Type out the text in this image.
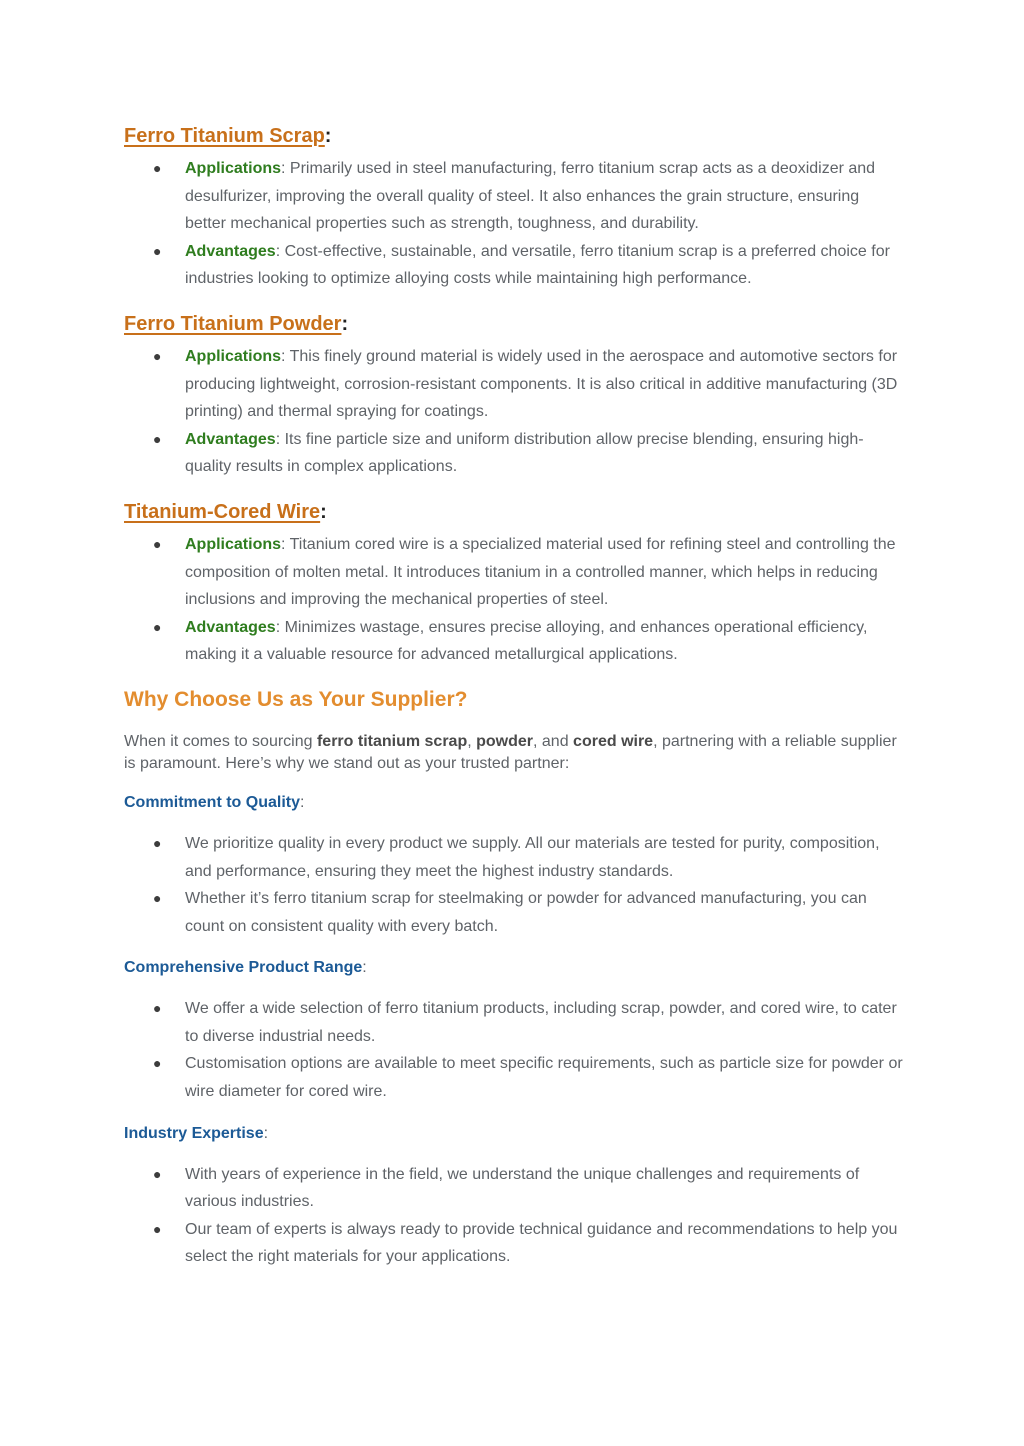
Ferro Titanium Scrap:
● Applications: Primarily used in steel manufacturing, ferro titanium scrap acts as a deoxidizer and desulfurizer, improving the overall quality of steel. It also enhances the grain structure, ensuring better mechanical properties such as strength, toughness, and durability.
● Advantages: Cost-effective, sustainable, and versatile, ferro titanium scrap is a preferred choice for industries looking to optimize alloying costs while maintaining high performance.
Ferro Titanium Powder:
● Applications: This finely ground material is widely used in the aerospace and automotive sectors for producing lightweight, corrosion-resistant components. It is also critical in additive manufacturing (3D printing) and thermal spraying for coatings.
● Advantages: Its fine particle size and uniform distribution allow precise blending, ensuring high-quality results in complex applications.
Titanium-Cored Wire:
● Applications: Titanium cored wire is a specialized material used for refining steel and controlling the composition of molten metal. It introduces titanium in a controlled manner, which helps in reducing inclusions and improving the mechanical properties of steel.
● Advantages: Minimizes wastage, ensures precise alloying, and enhances operational efficiency, making it a valuable resource for advanced metallurgical applications.
Why Choose Us as Your Supplier?

When it comes to sourcing ferro titanium scrap, powder, and cored wire, partnering with a reliable supplier is paramount. Here’s why we stand out as your trusted partner:

Commitment to Quality:

● We prioritize quality in every product we supply. All our materials are tested for purity, composition, and performance, ensuring they meet the highest industry standards.
● Whether it’s ferro titanium scrap for steelmaking or powder for advanced manufacturing, you can count on consistent quality with every batch.

Comprehensive Product Range:

● We offer a wide selection of ferro titanium products, including scrap, powder, and cored wire, to cater to diverse industrial needs.
● Customisation options are available to meet specific requirements, such as particle size for powder or wire diameter for cored wire.

Industry Expertise:

● With years of experience in the field, we understand the unique challenges and requirements of various industries.
● Our team of experts is always ready to provide technical guidance and recommendations to help you select the right materials for your applications.
